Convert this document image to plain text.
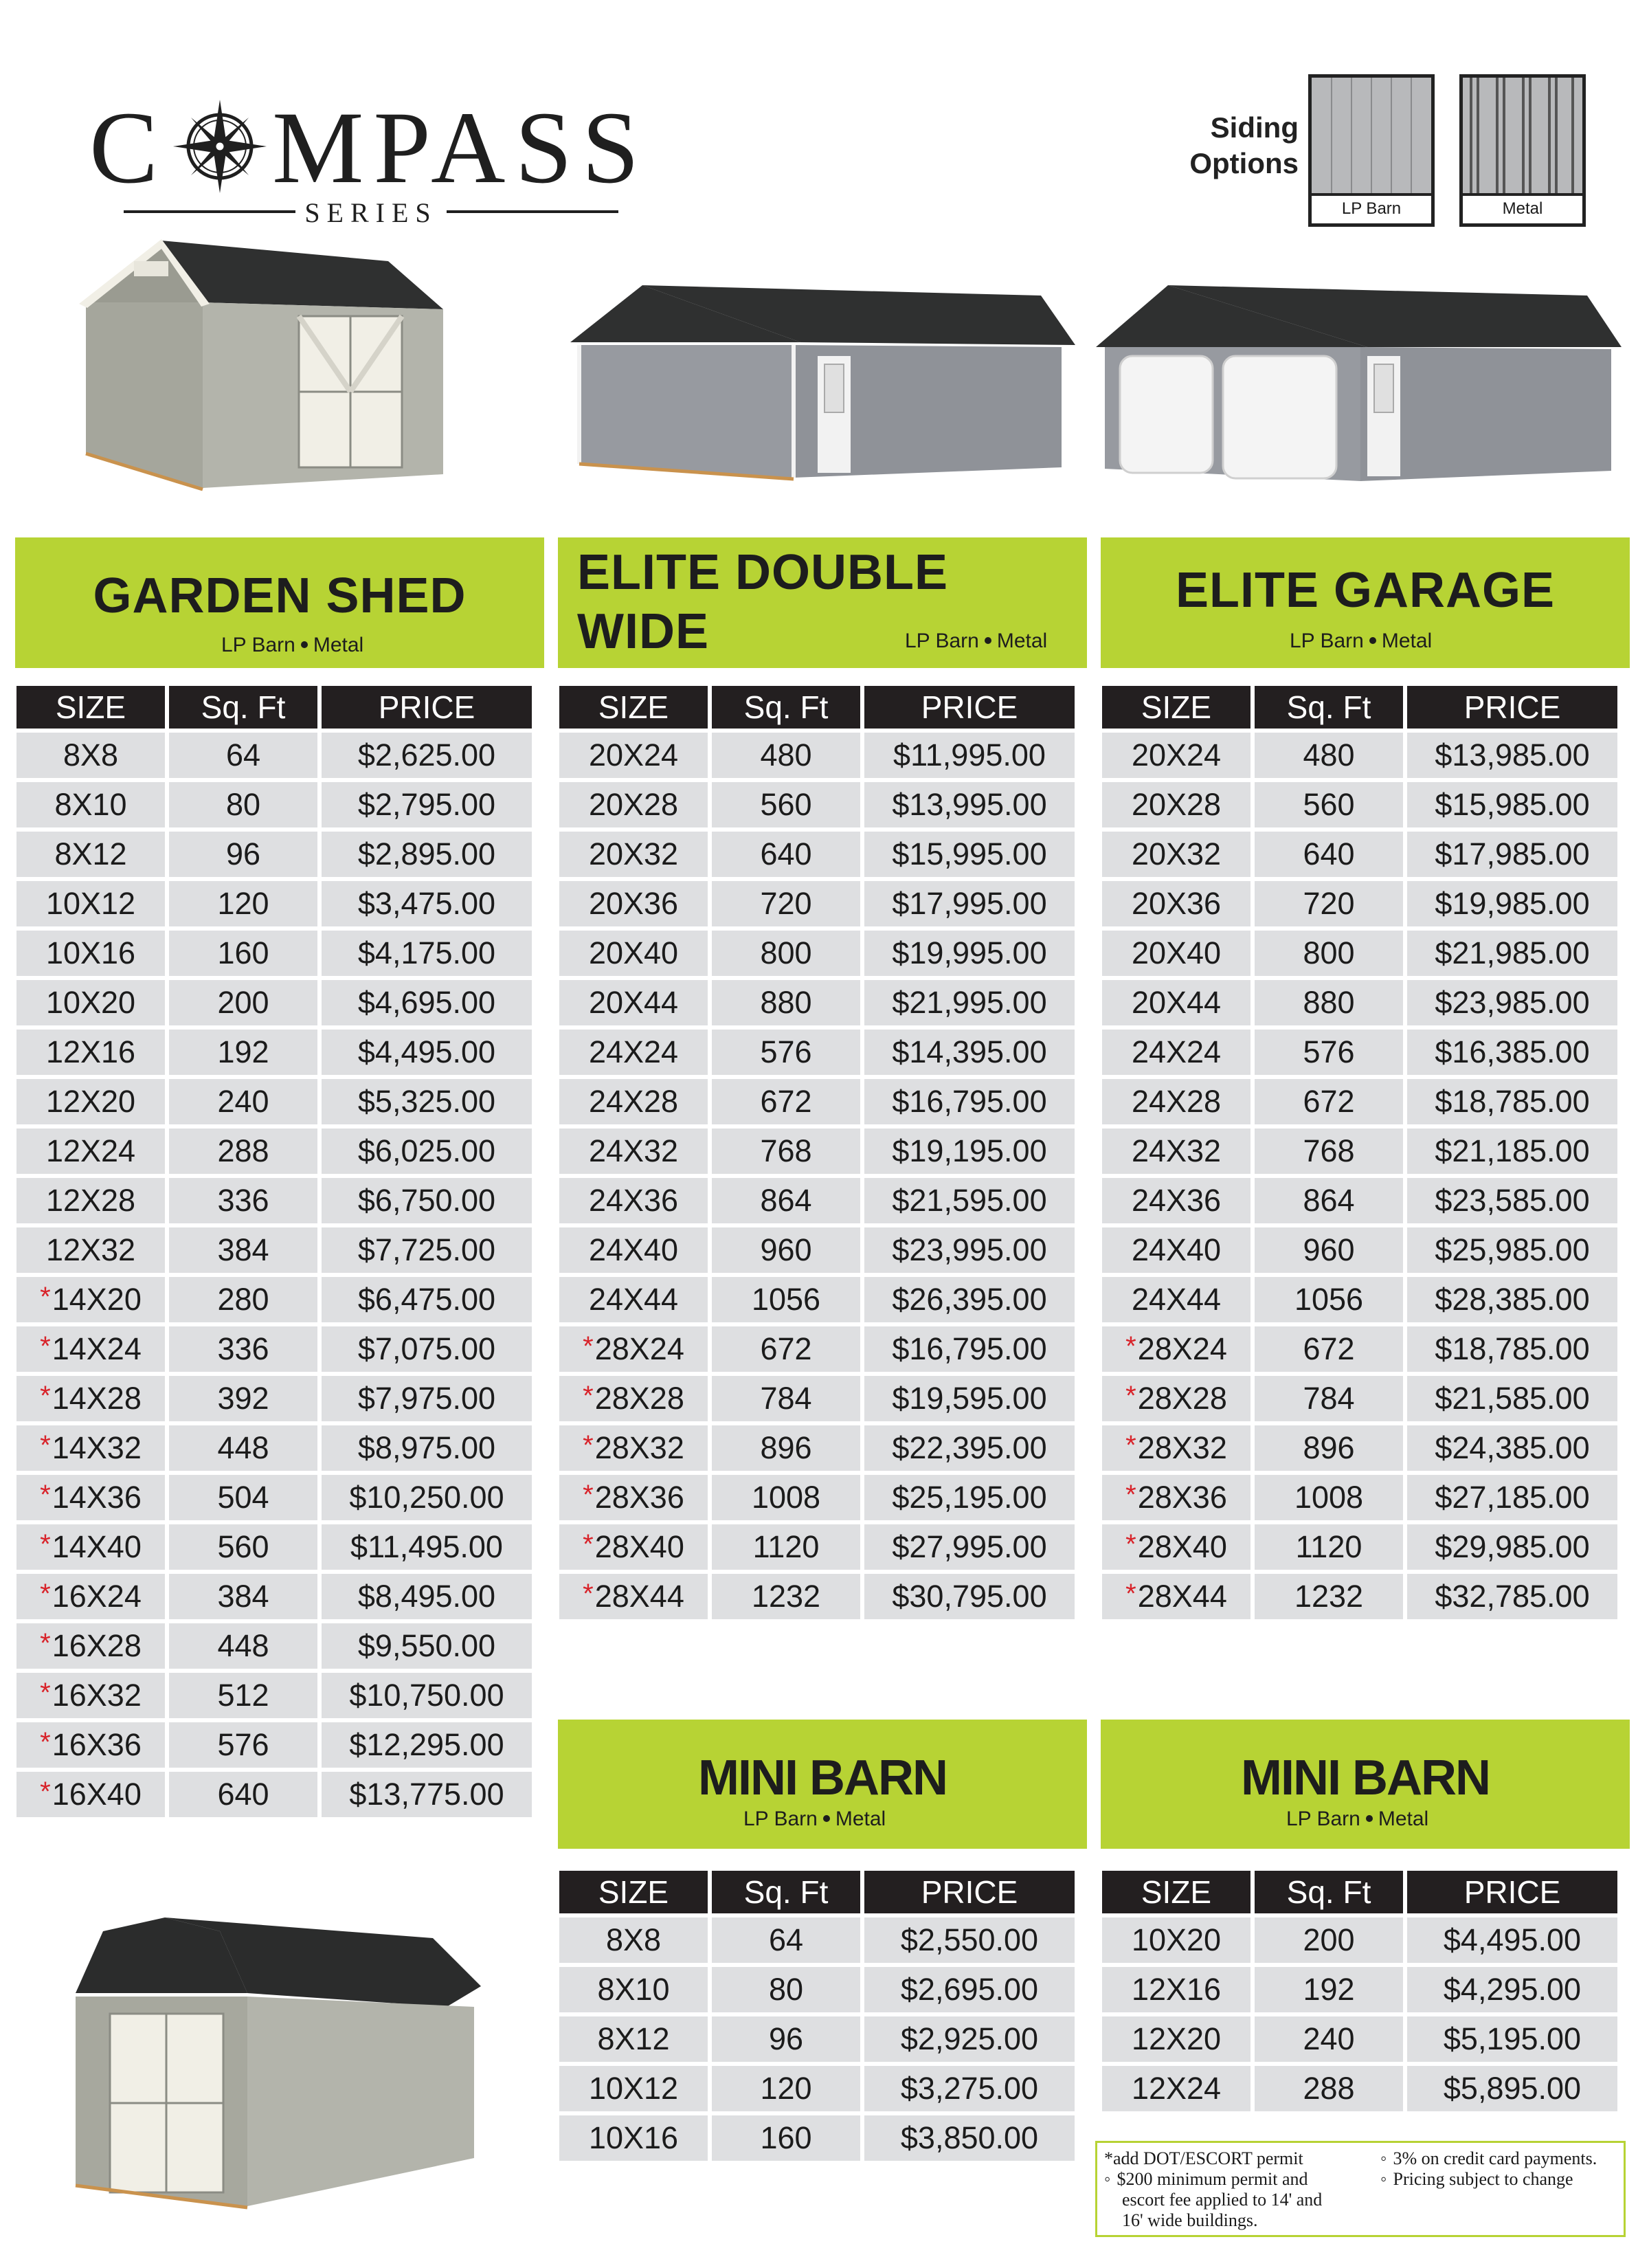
C MPASS
SERIES
Siding
Options
LP Barn	Metal
GARDEN SHED
LP Barn Metal
ELITE DOUBLE
WIDE	LP Barn Metal
ELITE GARAGE
LP Barn Metal
MINI BARN
LP Barn Metal
MINI BARN
LP Barn Metal
SIZE	Sq. Ft	PRICE
8X8	64	$2,625.00
8X10	80	$2,795.00
8X12	96	$2,895.00
10X12	120	$3,475.00
10X16	160	$4,175.00
10X20	200	$4,695.00
12X16	192	$4,495.00
12X20	240	$5,325.00
12X24	288	$6,025.00
12X28	336	$6,750.00
12X32	384	$7,725.00
*14X20	280	$6,475.00
*14X24	336	$7,075.00
*14X28	392	$7,975.00
*14X32	448	$8,975.00
*14X36	504	$10,250.00
*14X40	560	$11,495.00
*16X24	384	$8,495.00
*16X28	448	$9,550.00
*16X32	512	$10,750.00
*16X36	576	$12,295.00
*16X40	640	$13,775.00
SIZE	Sq. Ft	PRICE
20X24	480	$11,995.00
20X28	560	$13,995.00
20X32	640	$15,995.00
20X36	720	$17,995.00
20X40	800	$19,995.00
20X44	880	$21,995.00
24X24	576	$14,395.00
24X28	672	$16,795.00
24X32	768	$19,195.00
24X36	864	$21,595.00
24X40	960	$23,995.00
24X44	1056	$26,395.00
*28X24	672	$16,795.00
*28X28	784	$19,595.00
*28X32	896	$22,395.00
*28X36	1008	$25,195.00
*28X40	1120	$27,995.00
*28X44	1232	$30,795.00
SIZE	Sq. Ft	PRICE
20X24	480	$13,985.00
20X28	560	$15,985.00
20X32	640	$17,985.00
20X36	720	$19,985.00
20X40	800	$21,985.00
20X44	880	$23,985.00
24X24	576	$16,385.00
24X28	672	$18,785.00
24X32	768	$21,185.00
24X36	864	$23,585.00
24X40	960	$25,985.00
24X44	1056	$28,385.00
*28X24	672	$18,785.00
*28X28	784	$21,585.00
*28X32	896	$24,385.00
*28X36	1008	$27,185.00
*28X40	1120	$29,985.00
*28X44	1232	$32,785.00
SIZE	Sq. Ft	PRICE
8X8	64	$2,550.00
8X10	80	$2,695.00
8X12	96	$2,925.00
10X12	120	$3,275.00
10X16	160	$3,850.00
SIZE	Sq. Ft	PRICE
10X20	200	$4,495.00
12X16	192	$4,295.00
12X20	240	$5,195.00
12X24	288	$5,895.00
*add DOT/ESCORT permit
◦ $200 minimum permit and
escort fee applied to 14' and
16' wide buildings.
◦ 3% on credit card payments.
◦ Pricing subject to change
